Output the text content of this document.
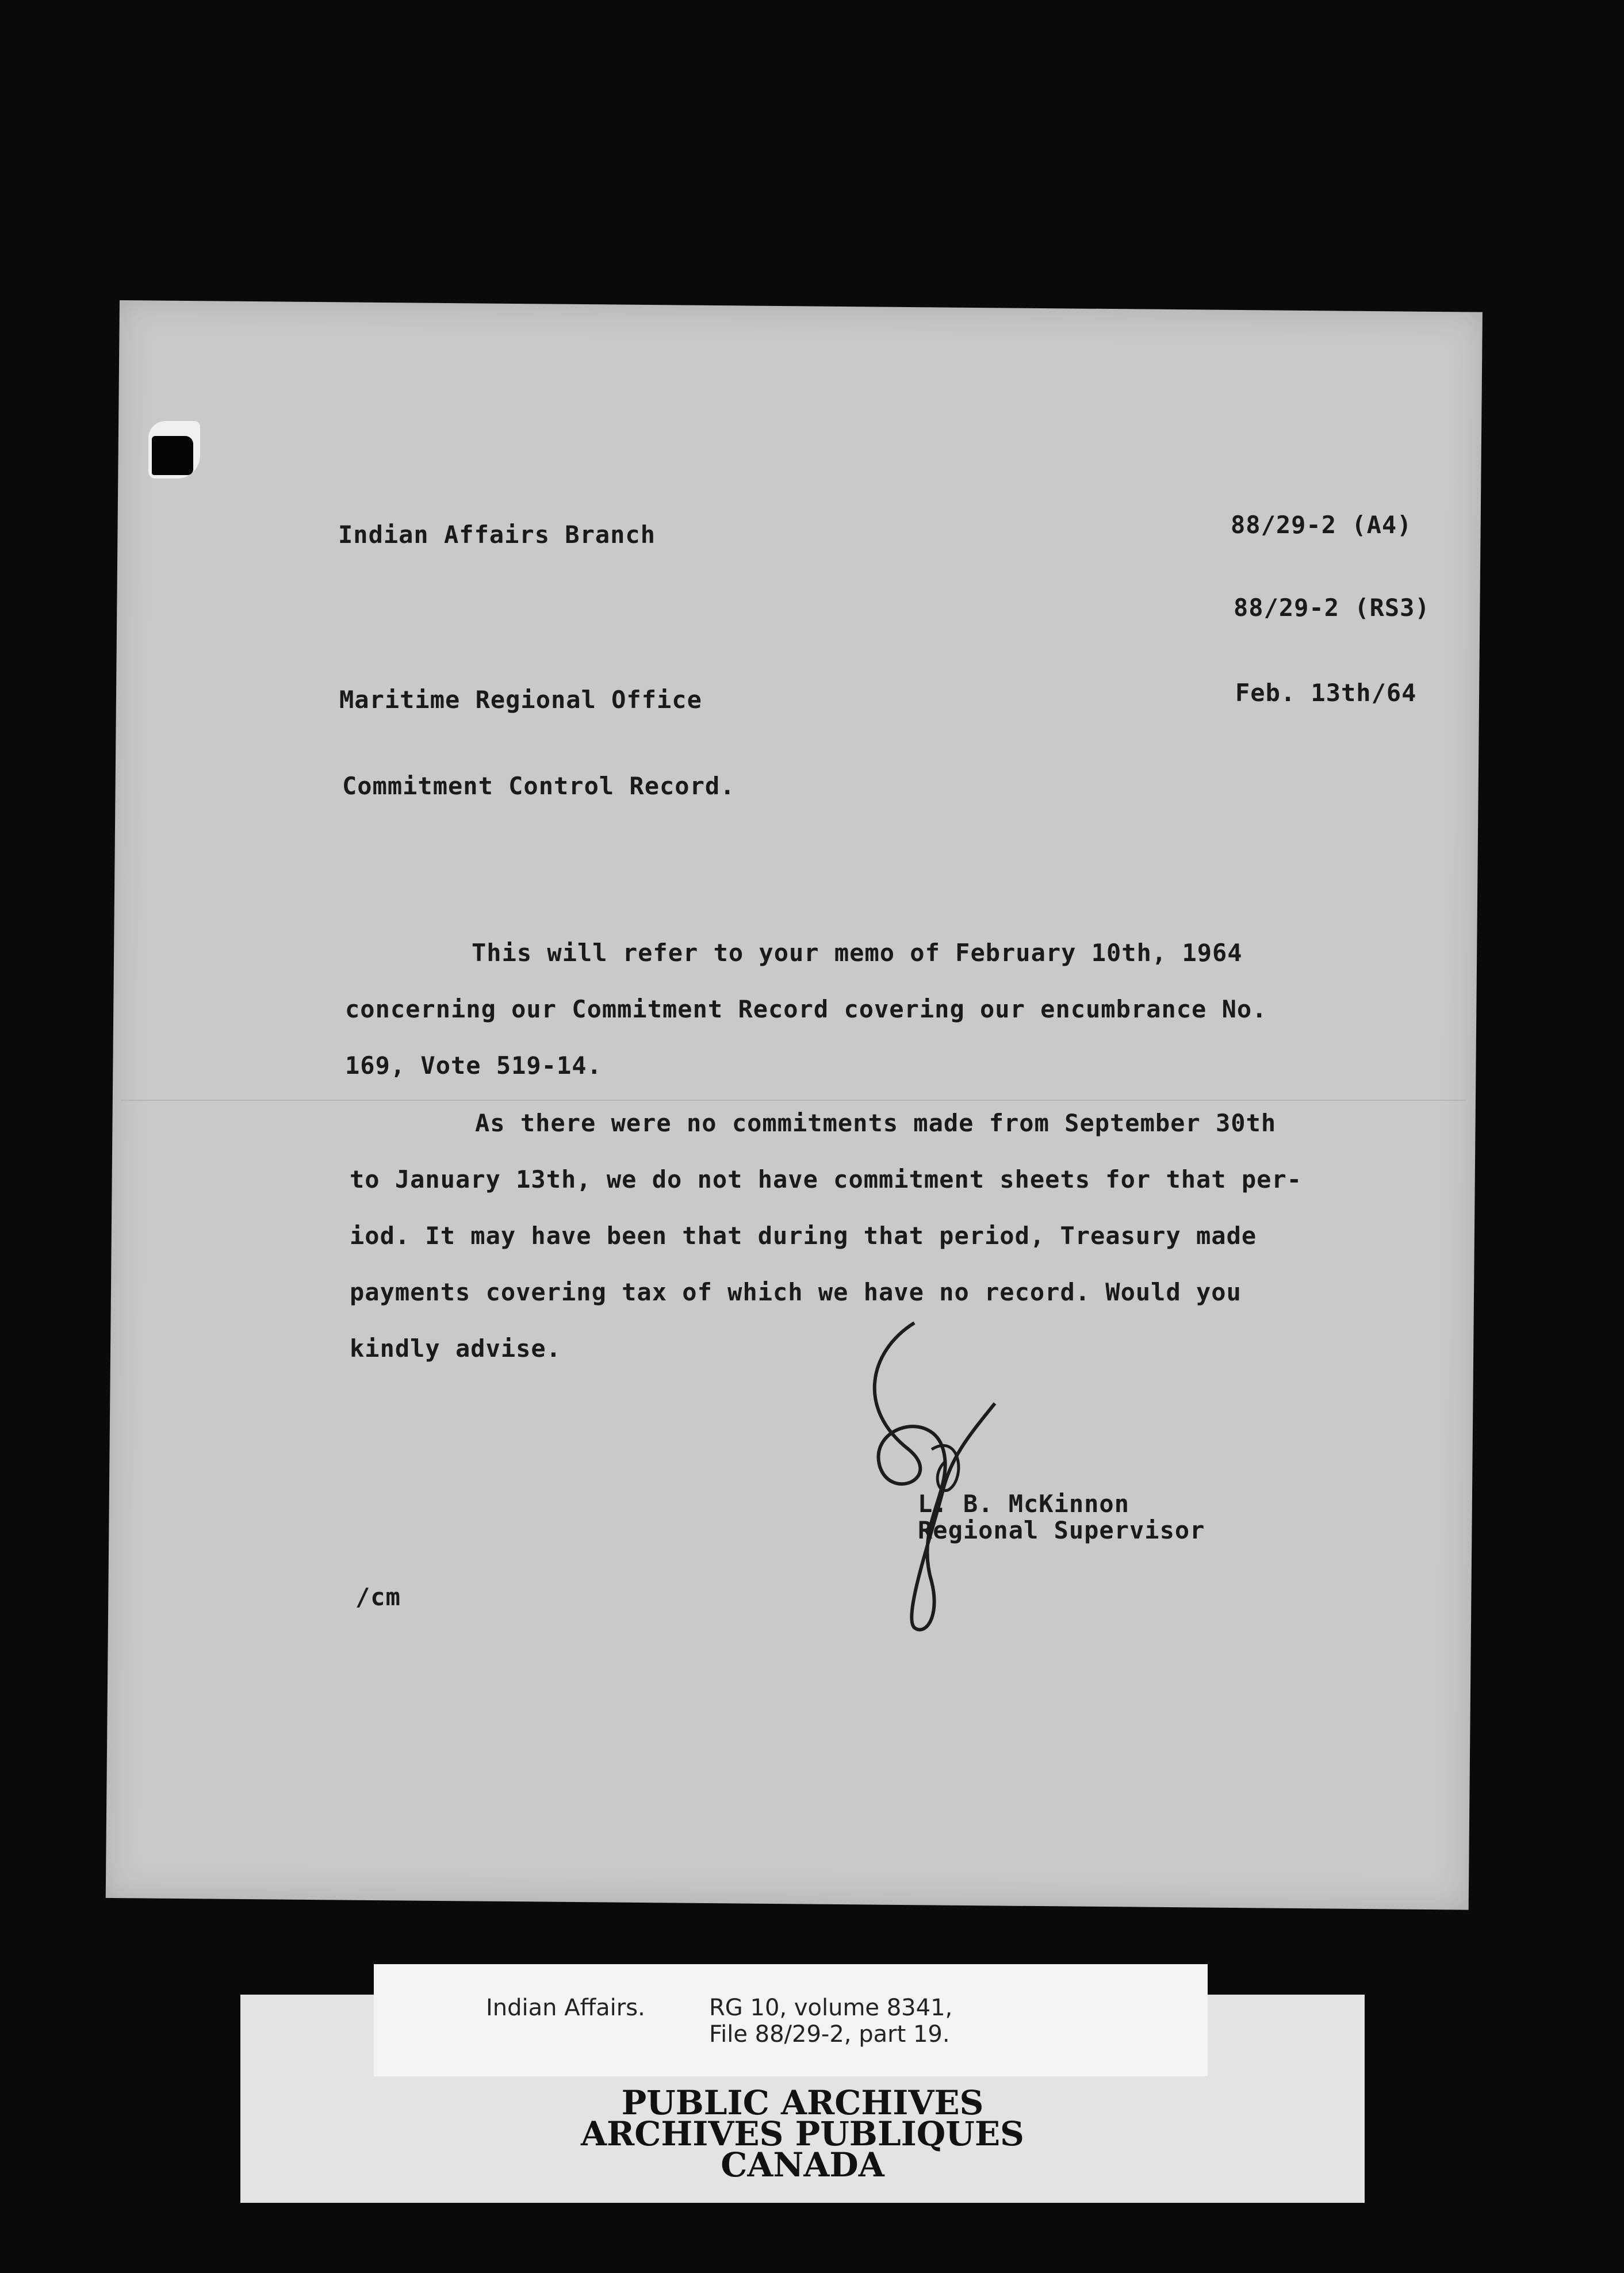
Indian Affairs Branch	88/29-2 (A4)
88/29-2 (RS3)
Maritime Regional Office	Feb. 13th/64
Commitment Control Record.

This will refer to your memo of February 10th, 1964

concerning our Commitment Record covering our encumbrance No.

169, Vote 519-14.

As there were no commitments made from September 30th

to January 13th, we do not have commitment sheets for that per-

iod. It may have been that during that period, Treasury made

payments covering tax of which we have no record. Would you

kindly advise.

L. B. McKinnon
Regional Supervisor
/cm
Indian Affairs.	RG 10, volume 8341,
File 88/29-2, part 19.
PUBLIC ARCHIVES
ARCHIVES PUBLIQUES
CANADA
